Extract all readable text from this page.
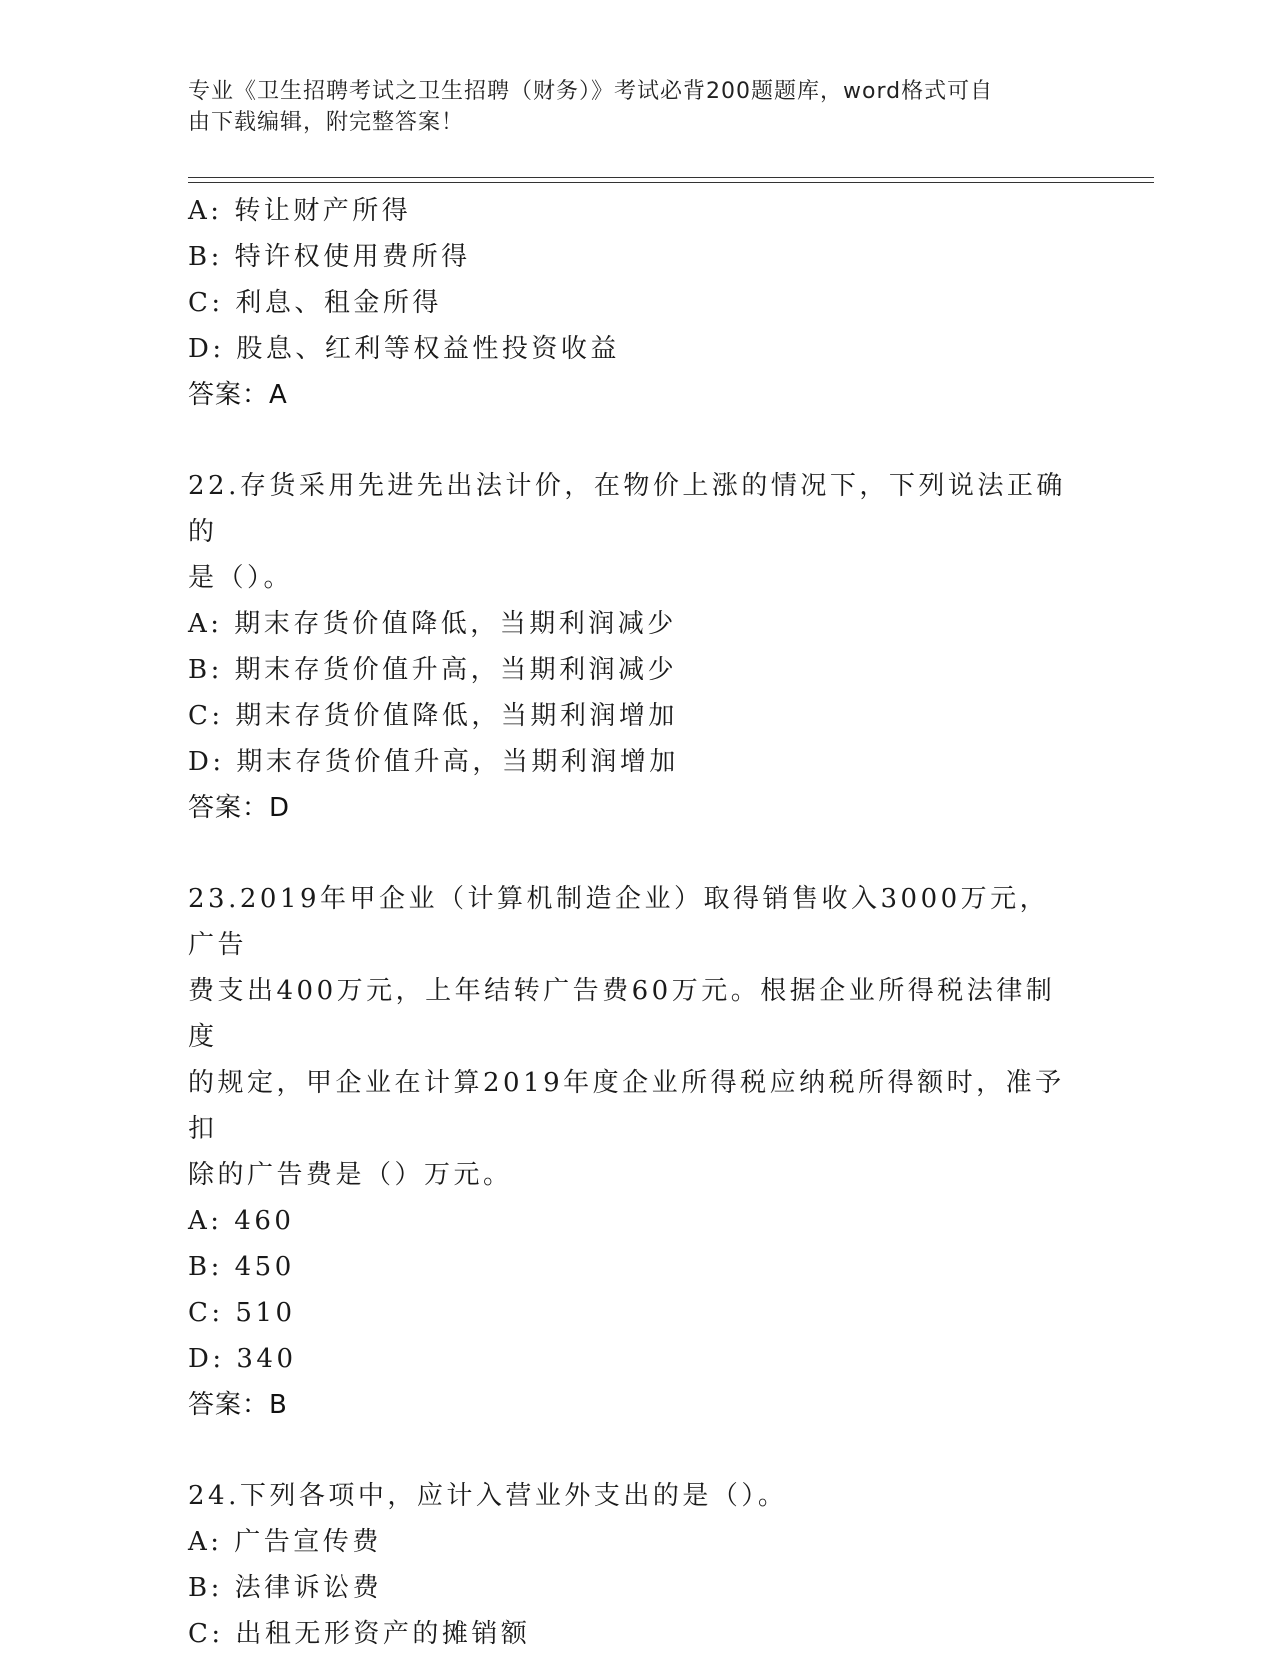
专业《卫生招聘考试之卫生招聘（财务）》考试必背200题题库，word格式可自
由下载编辑，附完整答案！
A: 转让财产所得
B: 特许权使用费所得
C: 利息、租金所得
D: 股息、红利等权益性投资收益
答案：A
22.存货采用先进先出法计价，在物价上涨的情况下，下列说法正确的
是（）。
A: 期末存货价值降低，当期利润减少
B: 期末存货价值升高，当期利润减少
C: 期末存货价值降低，当期利润增加
D: 期末存货价值升高，当期利润增加
答案：D
23.2019年甲企业（计算机制造企业）取得销售收入3000万元，广告
费支出400万元，上年结转广告费60万元。根据企业所得税法律制度
的规定，甲企业在计算2019年度企业所得税应纳税所得额时，准予扣
除的广告费是（）万元。
A: 460
B: 450
C: 510
D: 340
答案：B
24.下列各项中，应计入营业外支出的是（）。
A: 广告宣传费
B: 法律诉讼费
C: 出租无形资产的摊销额
